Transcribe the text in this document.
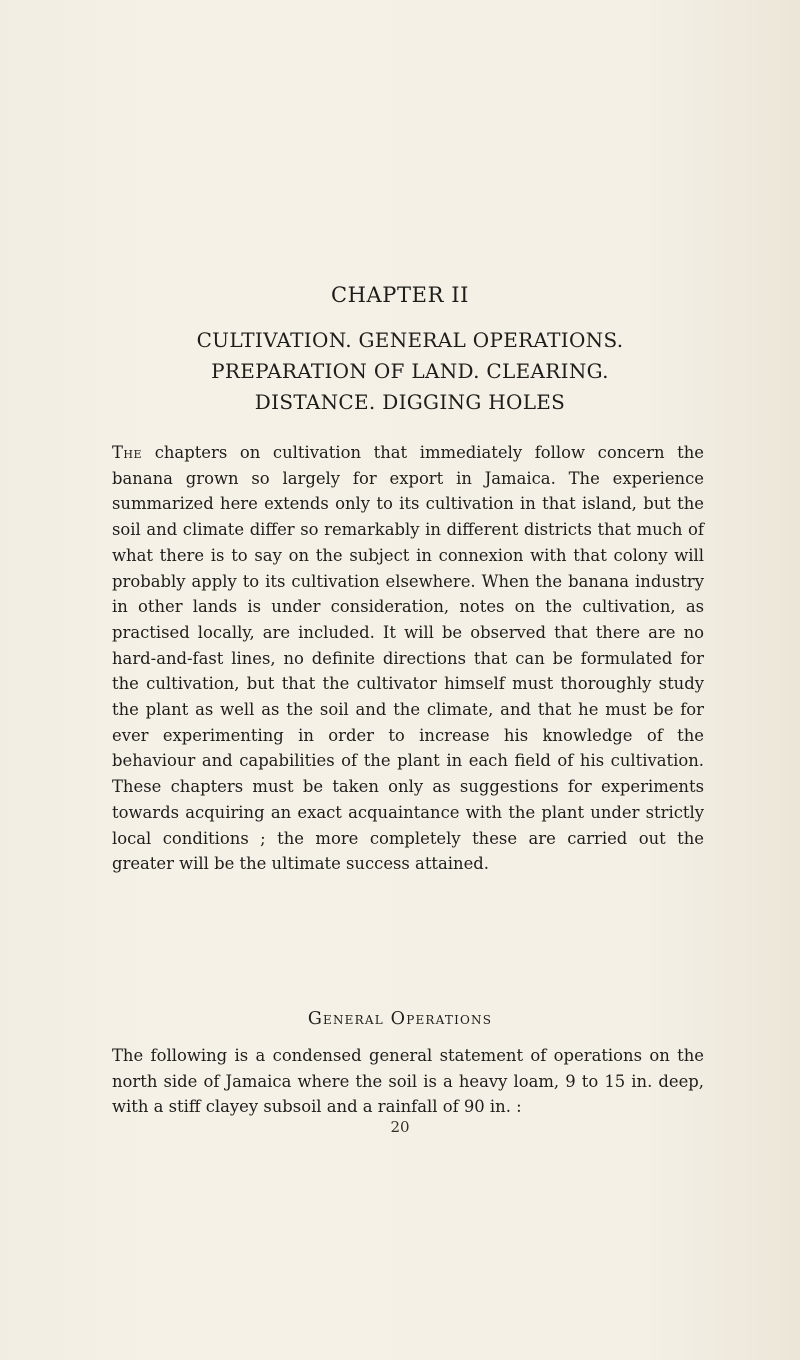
CHAPTER II
CULTIVATION. GENERAL OPERATIONS.
PREPARATION OF LAND. CLEARING.
DISTANCE. DIGGING HOLES

The chapters on cultivation that immediately follow concern the banana grown so largely for export in Jamaica. The experience summarized here extends only to its cultivation in that island, but the soil and climate differ so remarkably in different districts that much of what there is to say on the subject in connexion with that colony will probably apply to its cultivation elsewhere. When the banana industry in other lands is under consideration, notes on the cultivation, as practised locally, are included. It will be observed that there are no hard-and-fast lines, no definite directions that can be formulated for the cultivation, but that the cultivator himself must thoroughly study the plant as well as the soil and the climate, and that he must be for ever experimenting in order to increase his knowledge of the behaviour and capabilities of the plant in each field of his cultivation. These chapters must be taken only as suggestions for experiments towards acquiring an exact acquaintance with the plant under strictly local conditions ; the more completely these are carried out the greater will be the ultimate success attained.

General Operations

The following is a condensed general statement of operations on the north side of Jamaica where the soil is a heavy loam, 9 to 15 in. deep, with a stiff clayey subsoil and a rainfall of 90 in. :

20
